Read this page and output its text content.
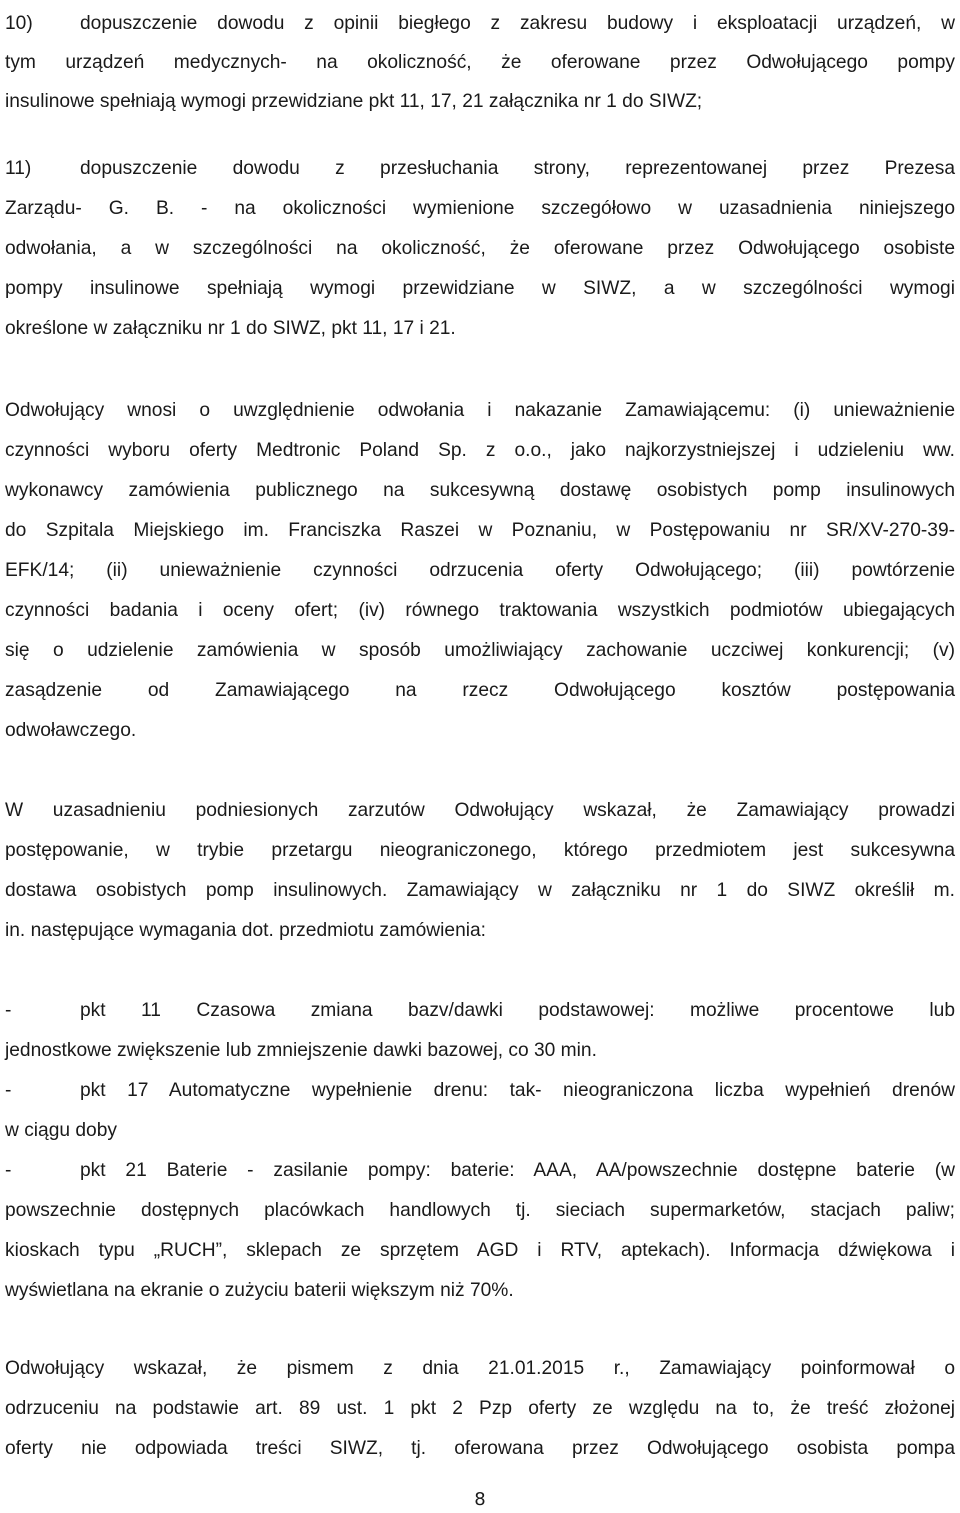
10) dopuszczenie dowodu z opinii biegłego z zakresu budowy i eksploatacji urządzeń, w
tym urządzeń medycznych- na okoliczność, że oferowane przez Odwołującego pompy
insulinowe spełniają wymogi przewidziane pkt 11, 17, 21 załącznika nr 1 do SIWZ;
11)	dopuszczenie dowodu z przesłuchania strony, reprezentowanej przez Prezesa
Zarządu- G. B. - na okoliczności wymienione szczegółowo w uzasadnienia niniejszego
odwołania, a w szczególności na okoliczność, że oferowane przez Odwołującego osobiste
pompy insulinowe spełniają wymogi przewidziane w SIWZ, a w szczególności wymogi
określone w załączniku nr 1 do SIWZ, pkt 11, 17 i 21.
Odwołujący wnosi o uwzględnienie odwołania i nakazanie Zamawiającemu: (i) unieważnienie
czynności wyboru oferty Medtronic Poland Sp. z o.o., jako najkorzystniejszej i udzieleniu ww.
wykonawcy zamówienia publicznego na sukcesywną dostawę osobistych pomp insulinowych
do Szpitala Miejskiego im. Franciszka Raszei w Poznaniu, w Postępowaniu nr SR/XV-270-39-
EFK/14; (ii) unieważnienie czynności odrzucenia oferty Odwołującego; (iii) powtórzenie
czynności badania i oceny ofert; (iv) równego traktowania wszystkich podmiotów ubiegających
się o udzielenie zamówienia w sposób umożliwiający zachowanie uczciwej konkurencji; (v)
zasądzenie od Zamawiającego na rzecz Odwołującego kosztów postępowania
odwoławczego.
W uzasadnieniu podniesionych zarzutów Odwołujący wskazał, że Zamawiający prowadzi
postępowanie, w trybie przetargu nieograniczonego, którego przedmiotem jest sukcesywna
dostawa osobistych pomp insulinowych. Zamawiający w załączniku nr 1 do SIWZ określił m.
in. następujące wymagania dot. przedmiotu zamówienia:
-	pkt 11 Czasowa zmiana bazv/dawki podstawowej: możliwe procentowe lub
jednostkowe zwiększenie lub zmniejszenie dawki bazowej, co 30 min.
-	pkt 17 Automatyczne wypełnienie drenu: tak- nieograniczona liczba wypełnień drenów
w ciągu doby
-	pkt 21 Baterie - zasilanie pompy: baterie: AAA, AA/powszechnie dostępne baterie (w
powszechnie dostępnych placówkach handlowych tj. sieciach supermarketów, stacjach paliw;
kioskach typu „RUCH”, sklepach ze sprzętem AGD i RTV, aptekach). Informacja dźwiękowa i
wyświetlana na ekranie o zużyciu baterii większym niż 70%.
Odwołujący wskazał, że pismem z dnia 21.01.2015 r., Zamawiający poinformował o
odrzuceniu na podstawie art. 89 ust. 1 pkt 2 Pzp oferty ze względu na to, że treść złożonej
oferty nie odpowiada treści SIWZ, tj. oferowana przez Odwołującego osobista pompa
8
